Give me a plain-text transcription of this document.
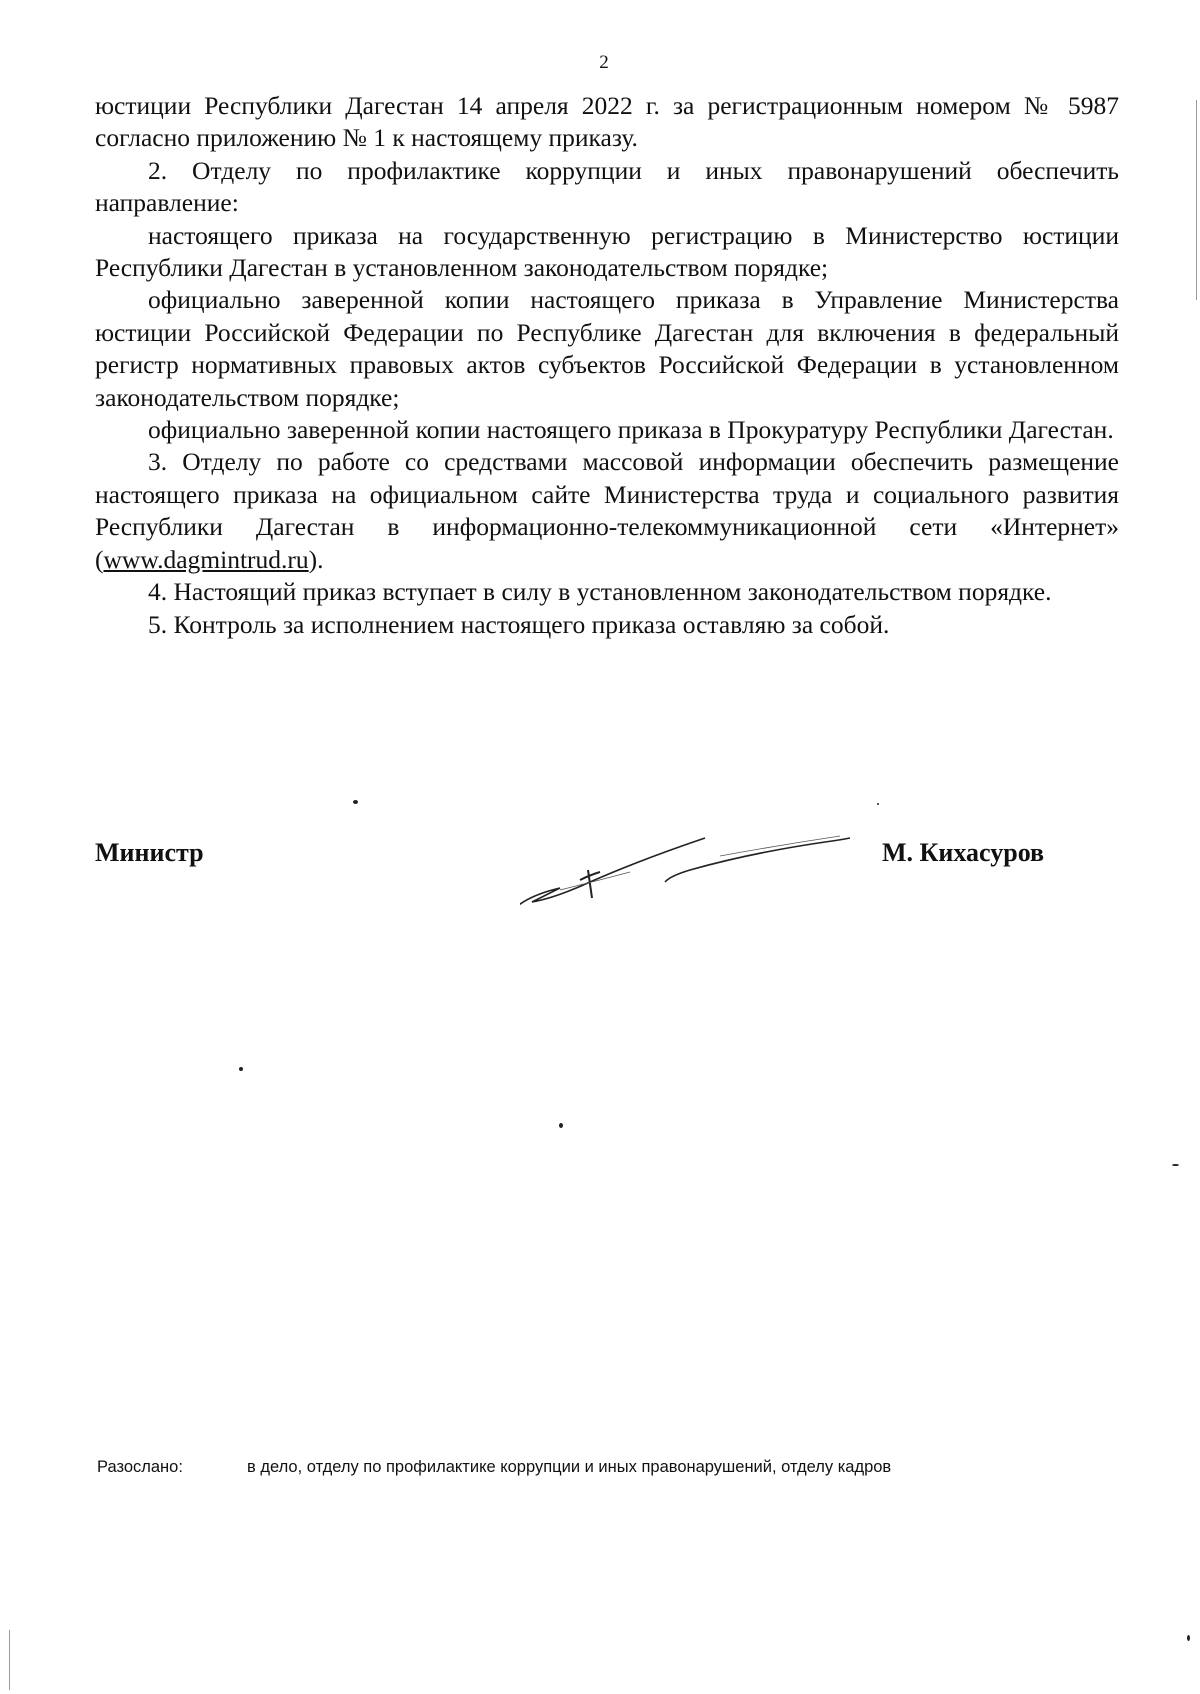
2

юстиции Республики Дагестан 14 апреля 2022 г. за регистрационным номером № 5987 согласно приложению № 1 к настоящему приказу.

2. Отделу по профилактике коррупции и иных правонарушений обеспечить направление:

настоящего приказа на государственную регистрацию в Министерство юстиции Республики Дагестан в установленном законодательством порядке;

официально заверенной копии настоящего приказа в Управление Министерства юстиции Российской Федерации по Республике Дагестан для включения в федеральный регистр нормативных правовых актов субъектов Российской Федерации в установленном законодательством порядке;

официально заверенной копии настоящего приказа в Прокуратуру Республики Дагестан.

3. Отделу по работе со средствами массовой информации обеспечить размещение настоящего приказа на официальном сайте Министерства труда и социального развития Республики Дагестан в информационно-телекоммуникационной сети «Интернет» (www.dagmintrud.ru).

4. Настоящий приказ вступает в силу в установленном законодательством порядке.

5. Контроль за исполнением настоящего приказа оставляю за собой.

Министр	М. Кихасуров
Разослано:	в дело, отделу по профилактике коррупции и иных правонарушений, отделу кадров
